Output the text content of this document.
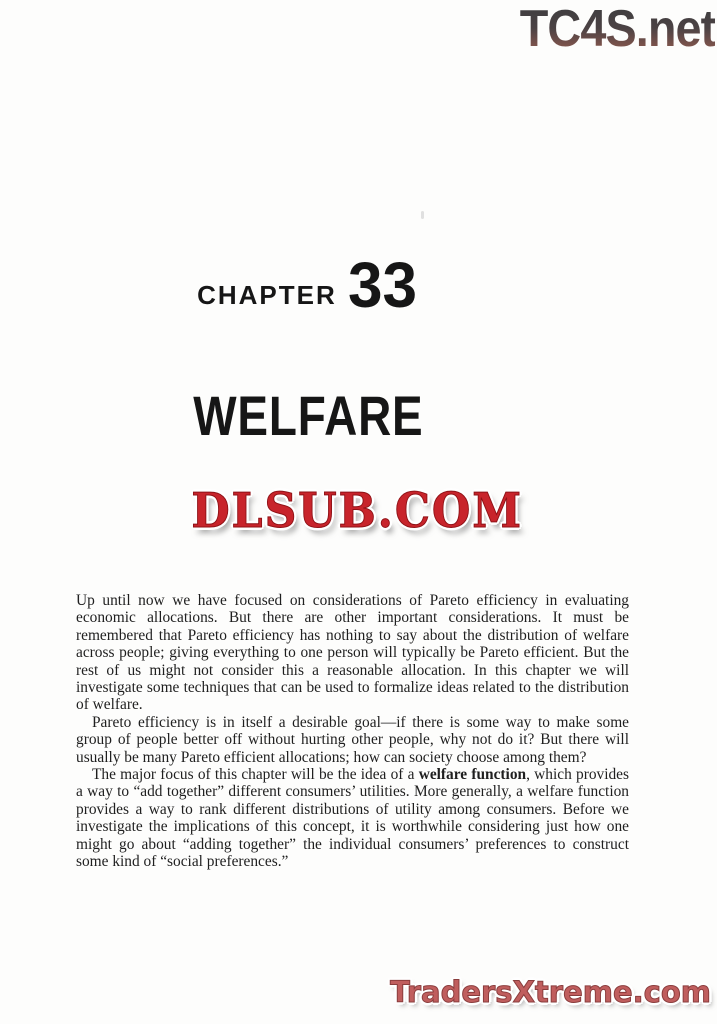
TC4S.net
CHAPTER 33
WELFARE
DLSUB.COM

Up until now we have focused on considerations of Pareto efficiency in evaluating economic allocations. But there are other important considerations. It must be remembered that Pareto efficiency has nothing to say about the distribution of welfare across people; giving everything to one person will typically be Pareto efficient. But the rest of us might not consider this a reasonable allocation. In this chapter we will investigate some techniques that can be used to formalize ideas related to the distribution of welfare.

Pareto efficiency is in itself a desirable goal—if there is some way to make some group of people better off without hurting other people, why not do it? But there will usually be many Pareto efficient allocations; how can society choose among them?

The major focus of this chapter will be the idea of a welfare function, which provides a way to “add together” different consumers’ utilities. More generally, a welfare function provides a way to rank different distributions of utility among consumers. Before we investigate the implications of this concept, it is worthwhile considering just how one might go about “adding together” the individual consumers’ preferences to construct some kind of “social preferences.”

TradersXtreme.com
